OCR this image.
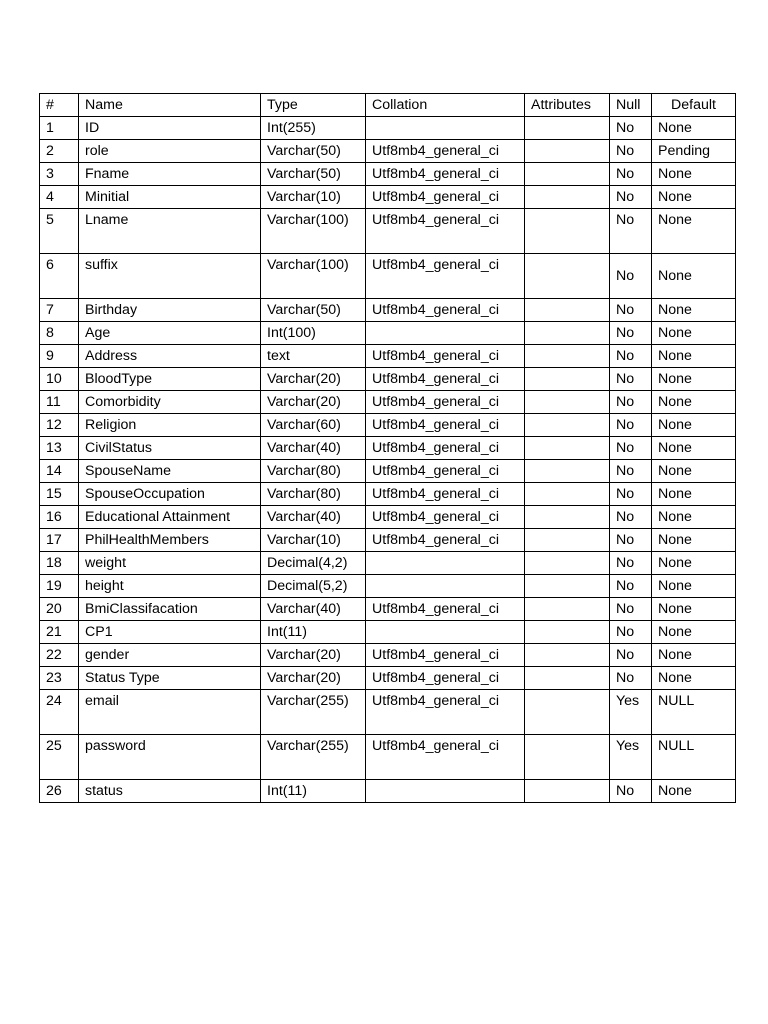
#	Name	Type	Collation	Attributes	Null	Default
1	ID	Int(255)			No	None
2	role	Varchar(50)	Utf8mb4_general_ci		No	Pending
3	Fname	Varchar(50)	Utf8mb4_general_ci		No	None
4	Minitial	Varchar(10)	Utf8mb4_general_ci		No	None
5	Lname	Varchar(100)	Utf8mb4_general_ci		No	None
6	suffix	Varchar(100)	Utf8mb4_general_ci		No	None
7	Birthday	Varchar(50)	Utf8mb4_general_ci		No	None
8	Age	Int(100)			No	None
9	Address	text	Utf8mb4_general_ci		No	None
10	BloodType	Varchar(20)	Utf8mb4_general_ci		No	None
11	Comorbidity	Varchar(20)	Utf8mb4_general_ci		No	None
12	Religion	Varchar(60)	Utf8mb4_general_ci		No	None
13	CivilStatus	Varchar(40)	Utf8mb4_general_ci		No	None
14	SpouseName	Varchar(80)	Utf8mb4_general_ci		No	None
15	SpouseOccupation	Varchar(80)	Utf8mb4_general_ci		No	None
16	Educational Attainment	Varchar(40)	Utf8mb4_general_ci		No	None
17	PhilHealthMembers	Varchar(10)	Utf8mb4_general_ci		No	None
18	weight	Decimal(4,2)			No	None
19	height	Decimal(5,2)			No	None
20	BmiClassifacation	Varchar(40)	Utf8mb4_general_ci		No	None
21	CP1	Int(11)			No	None
22	gender	Varchar(20)	Utf8mb4_general_ci		No	None
23	Status Type	Varchar(20)	Utf8mb4_general_ci		No	None
24	email	Varchar(255)	Utf8mb4_general_ci		Yes	NULL
25	password	Varchar(255)	Utf8mb4_general_ci		Yes	NULL
26	status	Int(11)			No	None
